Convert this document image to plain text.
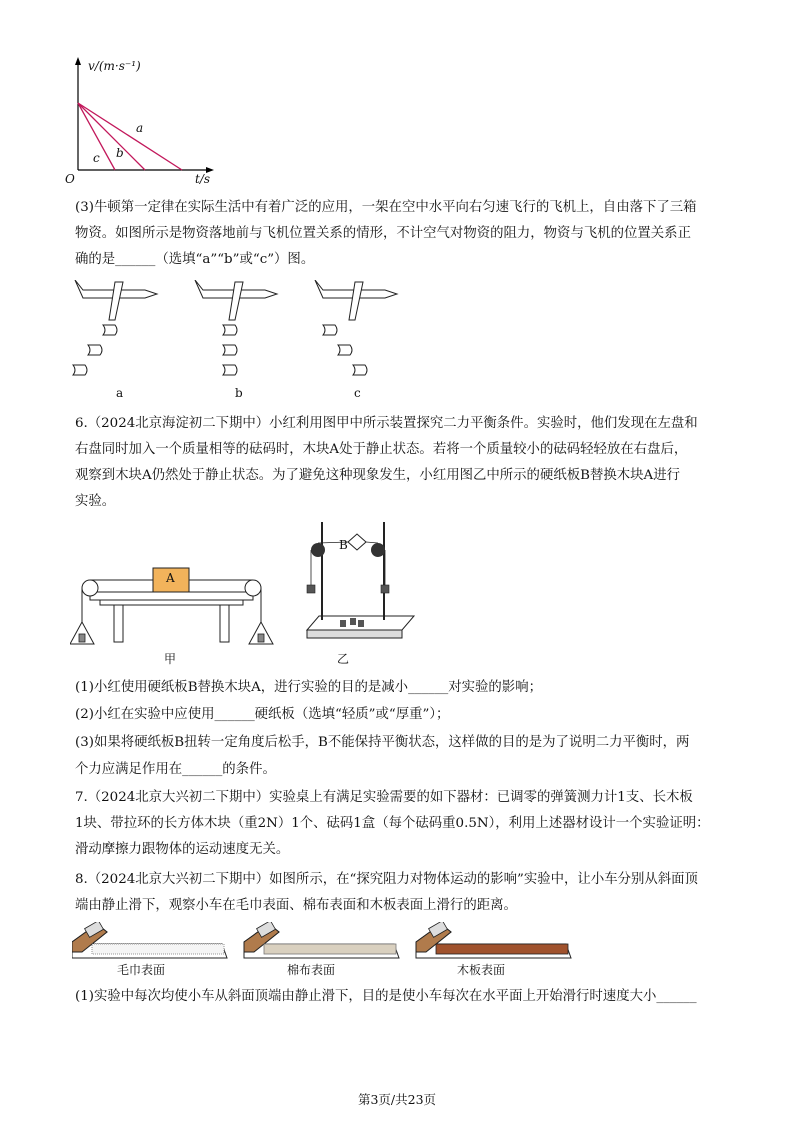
v/(m·s⁻¹)
t/s
O
a
b
c
(3)牛顿第一定律在实际生活中有着广泛的应用，一架在空中水平向右匀速飞行的飞机上，自由落下了三箱
物资。如图所示是物资落地前与飞机位置关系的情形，不计空气对物资的阻力，物资与飞机的位置关系正
确的是______（选填“a”“b”或“c”）图。
a	b	c
6.（2024北京海淀初二下期中）小红利用图甲中所示装置探究二力平衡条件。实验时，他们发现在左盘和
右盘同时加入一个质量相等的砝码时，木块A处于静止状态。若将一个质量较小的砝码轻轻放在右盘后，
观察到木块A仍然处于静止状态。为了避免这种现象发生，小红用图乙中所示的硬纸板B替换木块A进行
实验。
A
甲
B
乙
(1)小红使用硬纸板B替换木块A，进行实验的目的是减小______对实验的影响；
(2)小红在实验中应使用______硬纸板（选填“轻质”或“厚重”）；
(3)如果将硬纸板B扭转一定角度后松手，B不能保持平衡状态，这样做的目的是为了说明二力平衡时，两
个力应满足作用在______的条件。
7.（2024北京大兴初二下期中）实验桌上有满足实验需要的如下器材：已调零的弹簧测力计1支、长木板
1块、带拉环的长方体木块（重2N）1个、砝码1盒（每个砝码重0.5N），利用上述器材设计一个实验证明：
滑动摩擦力跟物体的运动速度无关。
8.（2024北京大兴初二下期中）如图所示，在“探究阻力对物体运动的影响”实验中，让小车分别从斜面顶
端由静止滑下，观察小车在毛巾表面、棉布表面和木板表面上滑行的距离。
毛巾表面	棉布表面	木板表面
(1)实验中每次均使小车从斜面顶端由静止滑下，目的是使小车每次在水平面上开始滑行时速度大小______
第3页/共23页
